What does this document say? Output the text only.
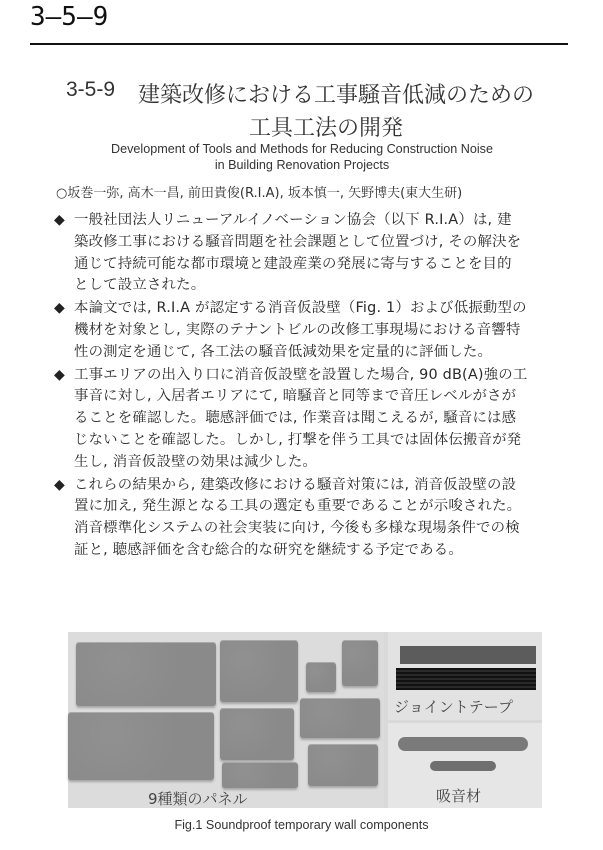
3–5–9
3-5-9 建築改修における工事騒音低減のための
工具工法の開発
Development of Tools and Methods for Reducing Construction Noise
in Building Renovation Projects
○坂巻一弥, 高木一昌, 前田貴俊(R.I.A), 坂本慎一, 矢野博夫(東大生研)
◆ 一般社団法人リニューアルイノベーション協会（以下 R.I.A）は, 建
築改修工事における騒音問題を社会課題として位置づけ, その解決を
通じて持続可能な都市環境と建設産業の発展に寄与することを目的
として設立された。
◆ 本論文では, R.I.A が認定する消音仮設壁（Fig. 1）および低振動型の
機材を対象とし, 実際のテナントビルの改修工事現場における音響特
性の測定を通じて, 各工法の騒音低減効果を定量的に評価した。
◆ 工事エリアの出入り口に消音仮設壁を設置した場合, 90 dB(A)強の工
事音に対し, 入居者エリアにて, 暗騒音と同等まで音圧レベルがさが
ることを確認した。聴感評価では, 作業音は聞こえるが, 騒音には感
じないことを確認した。しかし, 打撃を伴う工具では固体伝搬音が発
生し, 消音仮設壁の効果は減少した。
◆ これらの結果から, 建築改修における騒音対策には, 消音仮設壁の設
置に加え, 発生源となる工具の選定も重要であることが示唆された。
消音標準化システムの社会実装に向け, 今後も多様な現場条件での検
証と, 聴感評価を含む総合的な研究を継続する予定である。
9種類のパネル
ジョイントテープ
吸音材
Fig.1 Soundproof temporary wall components
